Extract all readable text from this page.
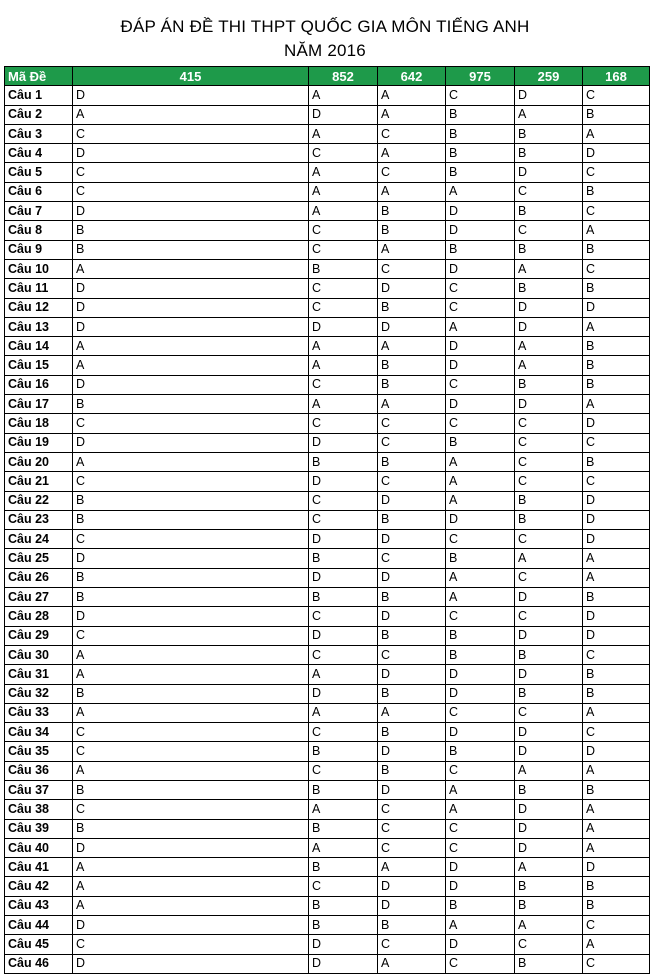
ĐÁP ÁN ĐỀ THI THPT QUỐC GIA MÔN TIẾNG ANH
NĂM 2016
Mã Đề	415	852	642	975	259	168
Câu 1	D	A	A	C	D	C
Câu 2	A	D	A	B	A	B
Câu 3	C	A	C	B	B	A
Câu 4	D	C	A	B	B	D
Câu 5	C	A	C	B	D	C
Câu 6	C	A	A	A	C	B
Câu 7	D	A	B	D	B	C
Câu 8	B	C	B	D	C	A
Câu 9	B	C	A	B	B	B
Câu 10	A	B	C	D	A	C
Câu 11	D	C	D	C	B	B
Câu 12	D	C	B	C	D	D
Câu 13	D	D	D	A	D	A
Câu 14	A	A	A	D	A	B
Câu 15	A	A	B	D	A	B
Câu 16	D	C	B	C	B	B
Câu 17	B	A	A	D	D	A
Câu 18	C	C	C	C	C	D
Câu 19	D	D	C	B	C	C
Câu 20	A	B	B	A	C	B
Câu 21	C	D	C	A	C	C
Câu 22	B	C	D	A	B	D
Câu 23	B	C	B	D	B	D
Câu 24	C	D	D	C	C	D
Câu 25	D	B	C	B	A	A
Câu 26	B	D	D	A	C	A
Câu 27	B	B	B	A	D	B
Câu 28	D	C	D	C	C	D
Câu 29	C	D	B	B	D	D
Câu 30	A	C	C	B	B	C
Câu 31	A	A	D	D	D	B
Câu 32	B	D	B	D	B	B
Câu 33	A	A	A	C	C	A
Câu 34	C	C	B	D	D	C
Câu 35	C	B	D	B	D	D
Câu 36	A	C	B	C	A	A
Câu 37	B	B	D	A	B	B
Câu 38	C	A	C	A	D	A
Câu 39	B	B	C	C	D	A
Câu 40	D	A	C	C	D	A
Câu 41	A	B	A	D	A	D
Câu 42	A	C	D	D	B	B
Câu 43	A	B	D	B	B	B
Câu 44	D	B	B	A	A	C
Câu 45	C	D	C	D	C	A
Câu 46	D	D	A	C	B	C
